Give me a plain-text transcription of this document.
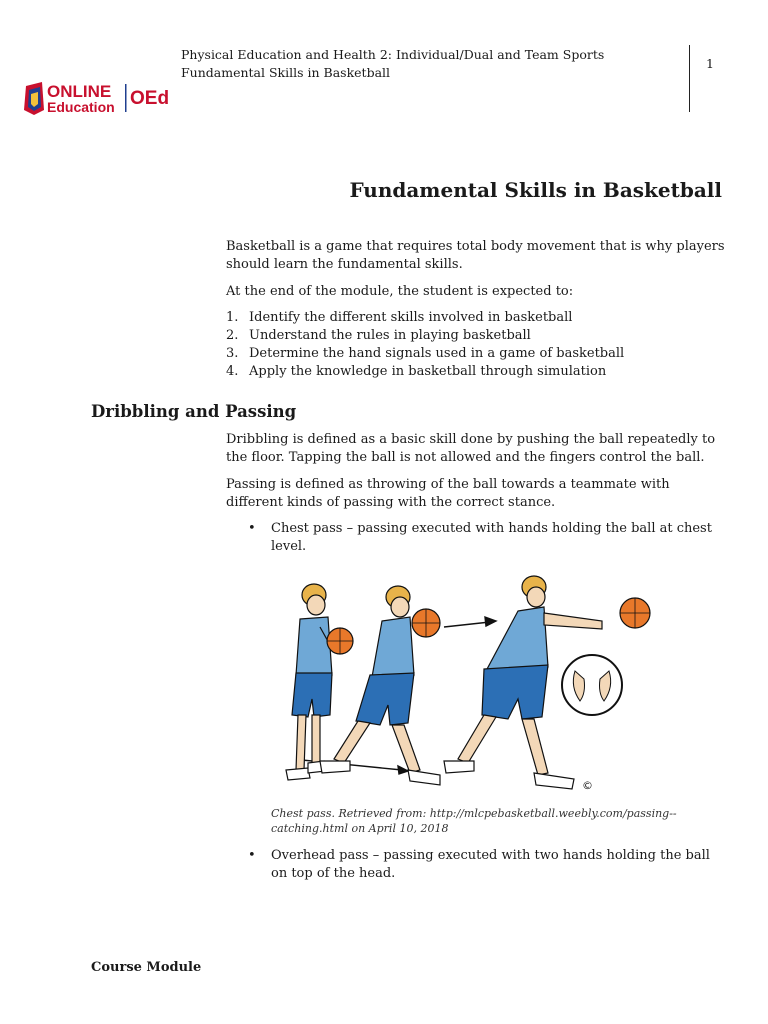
ONLINE
Education OEd
Physical Education and Health 2: Individual/Dual and Team Sports
Fundamental Skills in Basketball
1
Fundamental Skills in Basketball
Basketball is a game that requires total body movement that is why players should learn the fundamental skills.
At the end of the module, the student is expected to:
1. Identify the different skills involved in basketball
2. Understand the rules in playing basketball
3. Determine the hand signals used in a game of basketball
4. Apply the knowledge in basketball through simulation
Dribbling and Passing
Dribbling is defined as a basic skill done by pushing the ball repeatedly to the floor. Tapping the ball is not allowed and the fingers control the ball.
Passing is defined as throwing of the ball towards a teammate with different kinds of passing with the correct stance.
•	Chest pass – passing executed with hands holding the ball at chest level.
©
Chest pass. Retrieved from: http://mlcpebasketball.weebly.com/passing--catching.html on April 10, 2018
•	Overhead pass – passing executed with two hands holding the ball on top of the head.
Course Module
